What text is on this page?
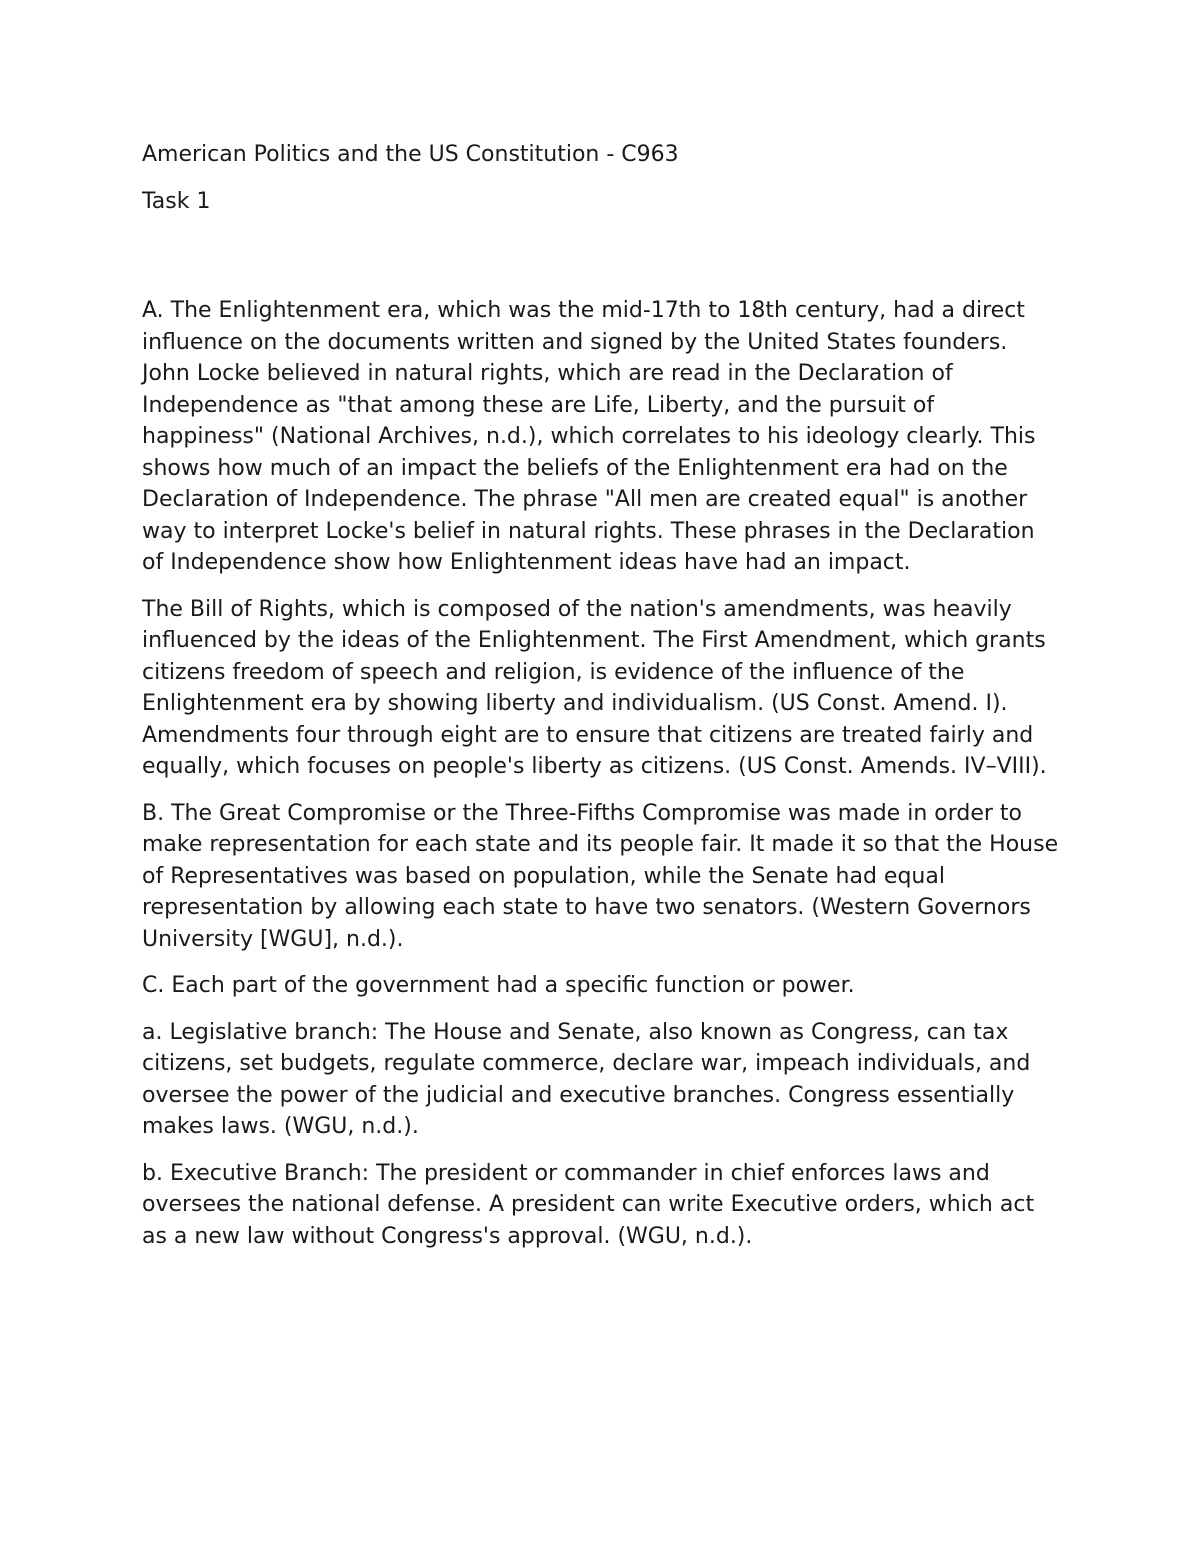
American Politics and the US Constitution - C963

Task 1

A. The Enlightenment era, which was the mid-17th to 18th century, had a direct influence on the documents written and signed by the United States founders. John Locke believed in natural rights, which are read in the Declaration of Independence as "that among these are Life, Liberty, and the pursuit of happiness" (National Archives, n.d.), which correlates to his ideology clearly. This shows how much of an impact the beliefs of the Enlightenment era had on the Declaration of Independence. The phrase "All men are created equal" is another way to interpret Locke's belief in natural rights. These phrases in the Declaration of Independence show how Enlightenment ideas have had an impact.

The Bill of Rights, which is composed of the nation's amendments, was heavily influenced by the ideas of the Enlightenment. The First Amendment, which grants citizens freedom of speech and religion, is evidence of the influence of the Enlightenment era by showing liberty and individualism. (US Const. Amend. I). Amendments four through eight are to ensure that citizens are treated fairly and equally, which focuses on people's liberty as citizens. (US Const. Amends. IV–VIII).

B. The Great Compromise or the Three-Fifths Compromise was made in order to make representation for each state and its people fair. It made it so that the House of Representatives was based on population, while the Senate had equal representation by allowing each state to have two senators. (Western Governors University [WGU], n.d.).

C. Each part of the government had a specific function or power.

a. Legislative branch: The House and Senate, also known as Congress, can tax citizens, set budgets, regulate commerce, declare war, impeach individuals, and oversee the power of the judicial and executive branches. Congress essentially makes laws. (WGU, n.d.).

b. Executive Branch: The president or commander in chief enforces laws and oversees the national defense. A president can write Executive orders, which act as a new law without Congress's approval. (WGU, n.d.).
